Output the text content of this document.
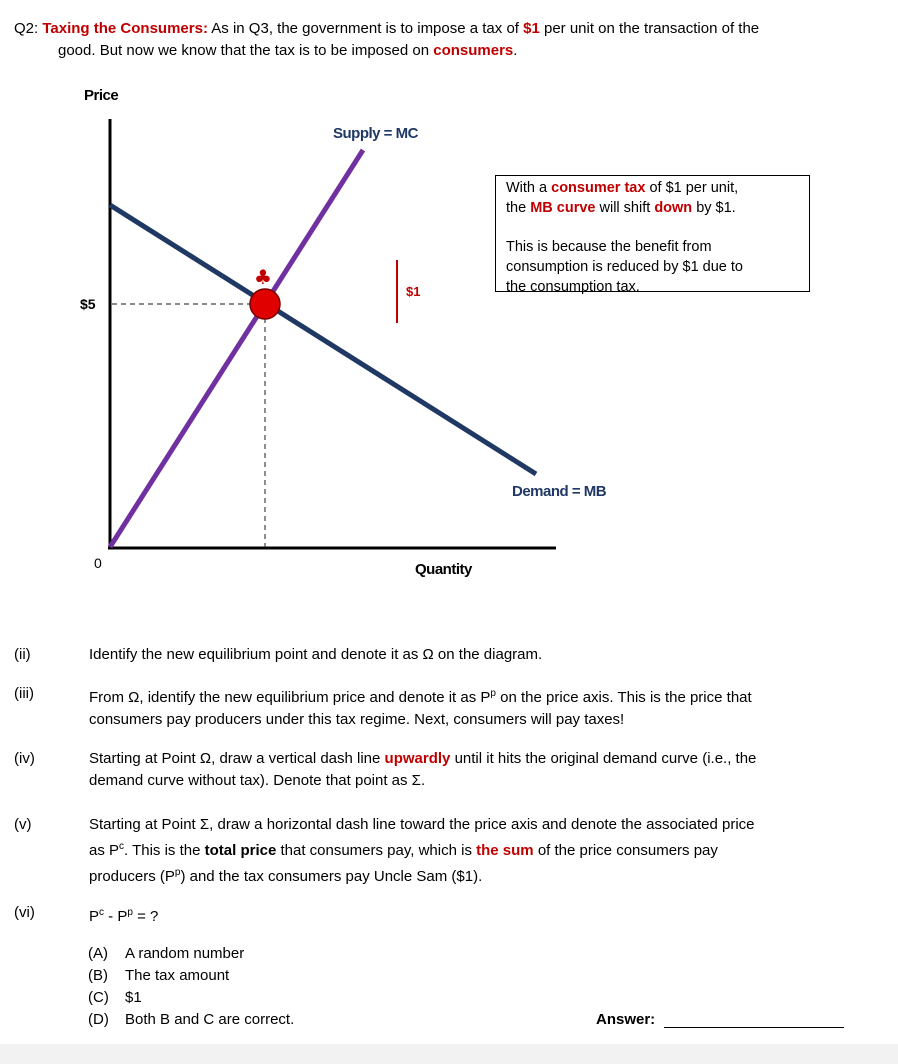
Q2: Taxing the Consumers: As in Q3, the government is to impose a tax of $1 per unit on the transaction of the
good. But now we know that the tax is to be imposed on consumers.
Price
Quantity
0
$5
♣
Supply = MC
Demand = MB
$1
With a consumer tax of $1 per unit,
the MB curve will shift down by $1.
This is because the benefit from
consumption is reduced by $1 due to
the consumption tax.
(ii)	Identify the new equilibrium point and denote it as Ω on the diagram.
(iii)	From Ω, identify the new equilibrium price and denote it as $P^p$ on the price axis. This is the price that
consumers pay producers under this tax regime. Next, consumers will pay taxes!
(iv)	Starting at Point Ω, draw a vertical dash line upwardly until it hits the original demand curve (i.e., the
demand curve without tax). Denote that point as Σ.
(v)	Starting at Point Σ, draw a horizontal dash line toward the price axis and denote the associated price
as $P^c$. This is the total price that consumers pay, which is the sum of the price consumers pay
producers $(P^p)$ and the tax consumers pay Uncle Sam ($1).
(vi)	$P^c - P^p$ = ?
(A) A random number
(B) The tax amount
(C) $1
(D) Both B and C are correct.	Answer:
